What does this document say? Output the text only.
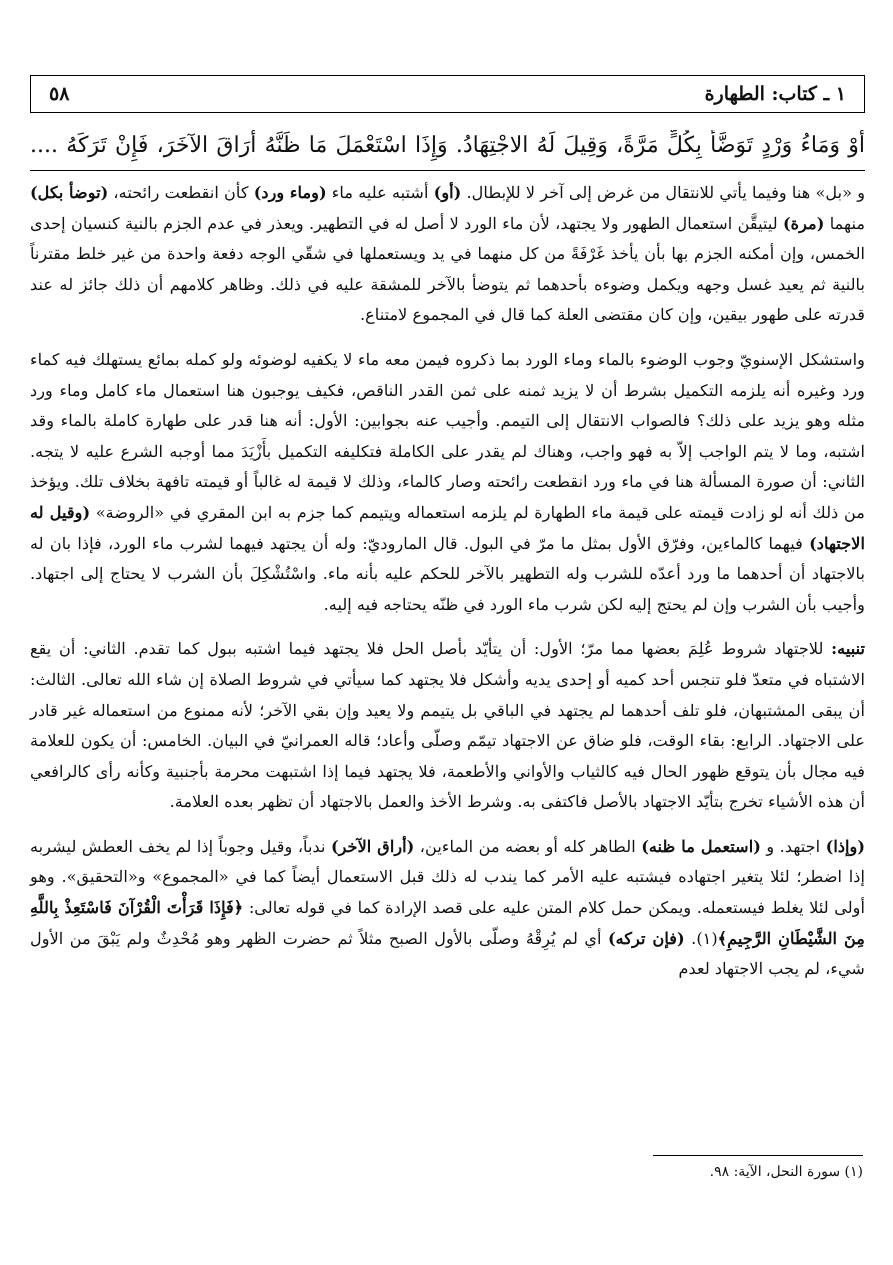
٥٨	١ ـ كتاب: الطهارة
أَوْ وَمَاءُ وَرْدٍ تَوَضَّأَ بِكُلٍّ مَرَّةً، وَقِيلَ لَهُ الاجْتِهَادُ. وَإِذَا اسْتَعْمَلَ مَا ظَنَّهُ أَرَاقَ الآخَرَ، فَإِنْ تَرَكَهُ ....

و «بل» هنا وفيما يأتي للانتقال من غرض إلى آخر لا للإبطال. (أو) أشتبه عليه ماء (وماء ورد) كأن انقطعت رائحته، (توضأ بكل) منهما (مرة) ليتيقَّن استعمال الطهور ولا يجتهد، لأن ماء الورد لا أصل له في التطهير. ويعذر في عدم الجزم بالنية كنسيان إحدى الخمس، وإن أمكنه الجزم بها بأن يأخذ غَرْفَةً من كل منهما في يد ويستعملها في شقّي الوجه دفعة واحدة من غير خلط مقترناً بالنية ثم يعيد غسل وجهه ويكمل وضوءه بأحدهما ثم يتوضأ بالآخر للمشقة عليه في ذلك. وظاهر كلامهم أن ذلك جائز له عند قدرته على طهور بيقين، وإن كان مقتضى العلة كما قال في المجموع لامتناع.

واستشكل الإسنويّ وجوب الوضوء بالماء وماء الورد بما ذكروه فيمن معه ماء لا يكفيه لوضوئه ولو كمله بمائع يستهلك فيه كماء ورد وغيره أنه يلزمه التكميل بشرط أن لا يزيد ثمنه على ثمن القدر الناقص، فكيف يوجبون هنا استعمال ماء كامل وماء ورد مثله وهو يزيد على ذلك؟ فالصواب الانتقال إلى التيمم. وأجيب عنه بجوابين: الأول: أنه هنا قدر على طهارة كاملة بالماء وقد اشتبه، وما لا يتم الواجب إلاّ به فهو واجب، وهناك لم يقدر على الكاملة فتكليفه التكميل بأَزْيَدَ مما أوجبه الشرع عليه لا يتجه. الثاني: أن صورة المسألة هنا في ماء ورد انقطعت رائحته وصار كالماء، وذلك لا قيمة له غالباً أو قيمته تافهة بخلاف تلك. ويؤخذ من ذلك أنه لو زادت قيمته على قيمة ماء الطهارة لم يلزمه استعماله ويتيمم كما جزم به ابن المقري في «الروضة» (وقيل له الاجتهاد) فيهما كالماءين، وفرّق الأول بمثل ما مرّ في البول. قال الماروديّ: وله أن يجتهد فيهما لشرب ماء الورد، فإذا بان له بالاجتهاد أن أحدهما ما ورد أعدّه للشرب وله التطهير بالآخر للحكم عليه بأنه ماء. واسْتُشْكِلَ بأن الشرب لا يحتاج إلى اجتهاد. وأجيب بأن الشرب وإن لم يحتج إليه لكن شرب ماء الورد في ظنّه يحتاجه فيه إليه.

تنبيه: للاجتهاد شروط عُلِمَ بعضها مما مرّ؛ الأول: أن يتأيّد بأصل الحل فلا يجتهد فيما اشتبه ببول كما تقدم. الثاني: أن يقع الاشتباه في متعدّ فلو تنجس أحد كميه أو إحدى يديه وأشكل فلا يجتهد كما سيأتي في شروط الصلاة إن شاء الله تعالى. الثالث: أن يبقى المشتبهان، فلو تلف أحدهما لم يجتهد في الباقي بل يتيمم ولا يعيد وإن بقي الآخر؛ لأنه ممنوع من استعماله غير قادر على الاجتهاد. الرابع: بقاء الوقت، فلو ضاق عن الاجتهاد تيمّم وصلّى وأعاد؛ قاله العمرانيّ في البيان. الخامس: أن يكون للعلامة فيه مجال بأن يتوقع ظهور الحال فيه كالثياب والأواني والأطعمة، فلا يجتهد فيما إذا اشتبهت محرمة بأجنبية وكأنه رأى كالرافعي أن هذه الأشياء تخرج بتأيّد الاجتهاد بالأصل فاكتفى به. وشرط الأخذ والعمل بالاجتهاد أن تظهر بعده العلامة.

(وإذا) اجتهد. و (استعمل ما ظنه) الطاهر كله أو بعضه من الماءين، (أراق الآخر) ندباً، وقيل وجوباً إذا لم يخف العطش ليشربه إذا اضطر؛ لئلا يتغير اجتهاده فيشتبه عليه الأمر كما يندب له ذلك قبل الاستعمال أيضاً كما في «المجموع» و«التحقيق». وهو أولى لئلا يغلط فيستعمله. ويمكن حمل كلام المتن عليه على قصد الإرادة كما في قوله تعالى: ﴿فَإِذَا قَرَأْتَ الْقُرْآنَ فَاسْتَعِذْ بِاللَّهِ مِنَ الشَّيْطَانِ الرَّجِيمِ﴾(١). (فإن تركه) أي لم يُرِقْهُ وصلّى بالأول الصبح مثلاً ثم حضرت الظهر وهو مُحْدِثٌ ولم يَبْقَ من الأول شيء، لم يجب الاجتهاد لعدم

(١) سورة النحل، الآية: ٩٨.
